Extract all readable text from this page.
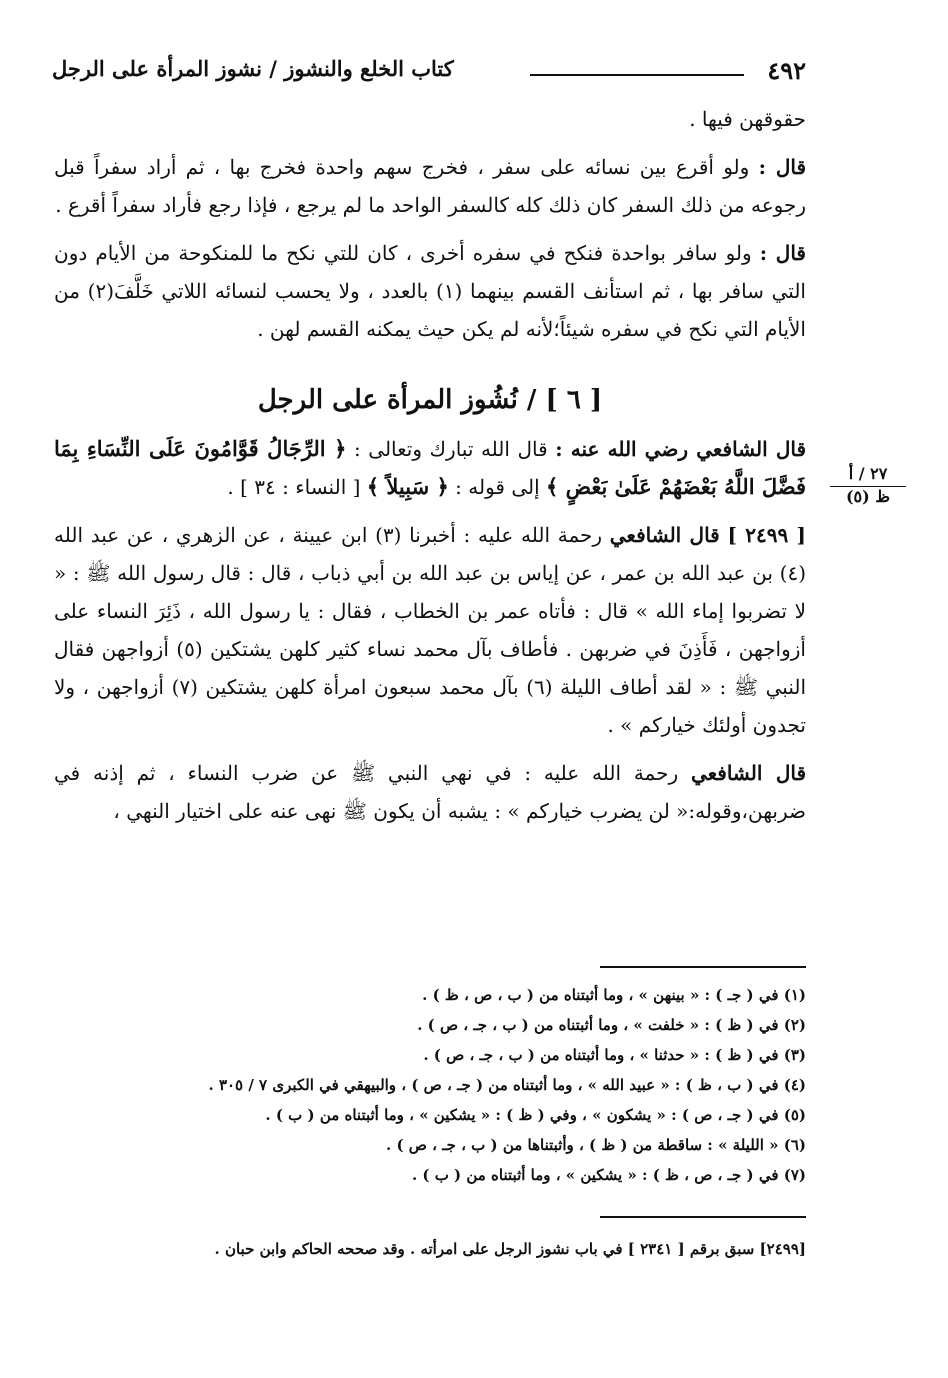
٤٩٢
كتاب الخلع والنشوز / نشوز المرأة على الرجل
٢٧ / أ
ظ (٥)

حقوقهن فيها .

قال : ولو أقرع بين نسائه على سفر ، فخرج سهم واحدة فخرج بها ، ثم أراد سفراً قبل رجوعه من ذلك السفر كان ذلك كله كالسفر الواحد ما لم يرجع ، فإذا رجع فأراد سفراً أقرع .

قال : ولو سافر بواحدة فنكح في سفره أخرى ، كان للتي نكح ما للمنكوحة من الأيام دون التي سافر بها ، ثم استأنف القسم بينهما (١) بالعدد ، ولا يحسب لنسائه اللاتي خَلَّفَ(٢) من الأيام التي نكح في سفره شيئاً؛لأنه لم يكن حيث يمكنه القسم لهن .

[ ٦ ] / نُشُوز المرأة على الرجل

قال الشافعي رضي الله عنه : قال الله تبارك وتعالى : ﴿ الرِّجَالُ قَوَّامُونَ عَلَى النِّسَاءِ بِمَا فَضَّلَ اللَّهُ بَعْضَهُمْ عَلَىٰ بَعْضٍ ﴾ إلى قوله : ﴿ سَبِيلاً ﴾ [ النساء : ٣٤ ] .

[ ٢٤٩٩ ] قال الشافعي رحمة الله عليه : أخبرنا (٣) ابن عيينة ، عن الزهري ، عن عبد الله (٤) بن عبد الله بن عمر ، عن إياس بن عبد الله بن أبي ذباب ، قال : قال رسول الله ﷺ : « لا تضربوا إماء الله » قال : فأتاه عمر بن الخطاب ، فقال : يا رسول الله ، ذَئِرَ النساء على أزواجهن ، فَأَذِنَ في ضربهن . فأطاف بآل محمد نساء كثير كلهن يشتكين (٥) أزواجهن فقال النبي ﷺ : « لقد أطاف الليلة (٦) بآل محمد سبعون امرأة كلهن يشتكين (٧) أزواجهن ، ولا تجدون أولئك خياركم » .

قال الشافعي رحمة الله عليه : في نهي النبي ﷺ عن ضرب النساء ، ثم إذنه في ضربهن،وقوله:« لن يضرب خياركم » : يشبه أن يكون ﷺ نهى عنه على اختيار النهي ،

(١) في ( جـ ) : « بينهن » ، وما أثبتناه من ( ب ، ص ، ظ ) .
(٢) في ( ظ ) : « خلفت » ، وما أثبتناه من ( ب ، جـ ، ص ) .
(٣) في ( ظ ) : « حدثنا » ، وما أثبتناه من ( ب ، جـ ، ص ) .
(٤) في ( ب ، ظ ) : « عبيد الله » ، وما أثبتناه من ( جـ ، ص ) ، والبيهقي في الكبرى ٧ / ٣٠٥ .
(٥) في ( جـ ، ص ) : « يشكون » ، وفي ( ظ ) : « يشكين » ، وما أثبتناه من ( ب ) .
(٦) « الليلة » : ساقطة من ( ظ ) ، وأثبتناها من ( ب ، جـ ، ص ) .
(٧) في ( جـ ، ص ، ظ ) : « يشكين » ، وما أثبتناه من ( ب ) .
[٢٤٩٩] سبق برقم [ ٢٣٤١ ] في باب نشوز الرجل على امرأته . وقد صححه الحاكم وابن حبان .
